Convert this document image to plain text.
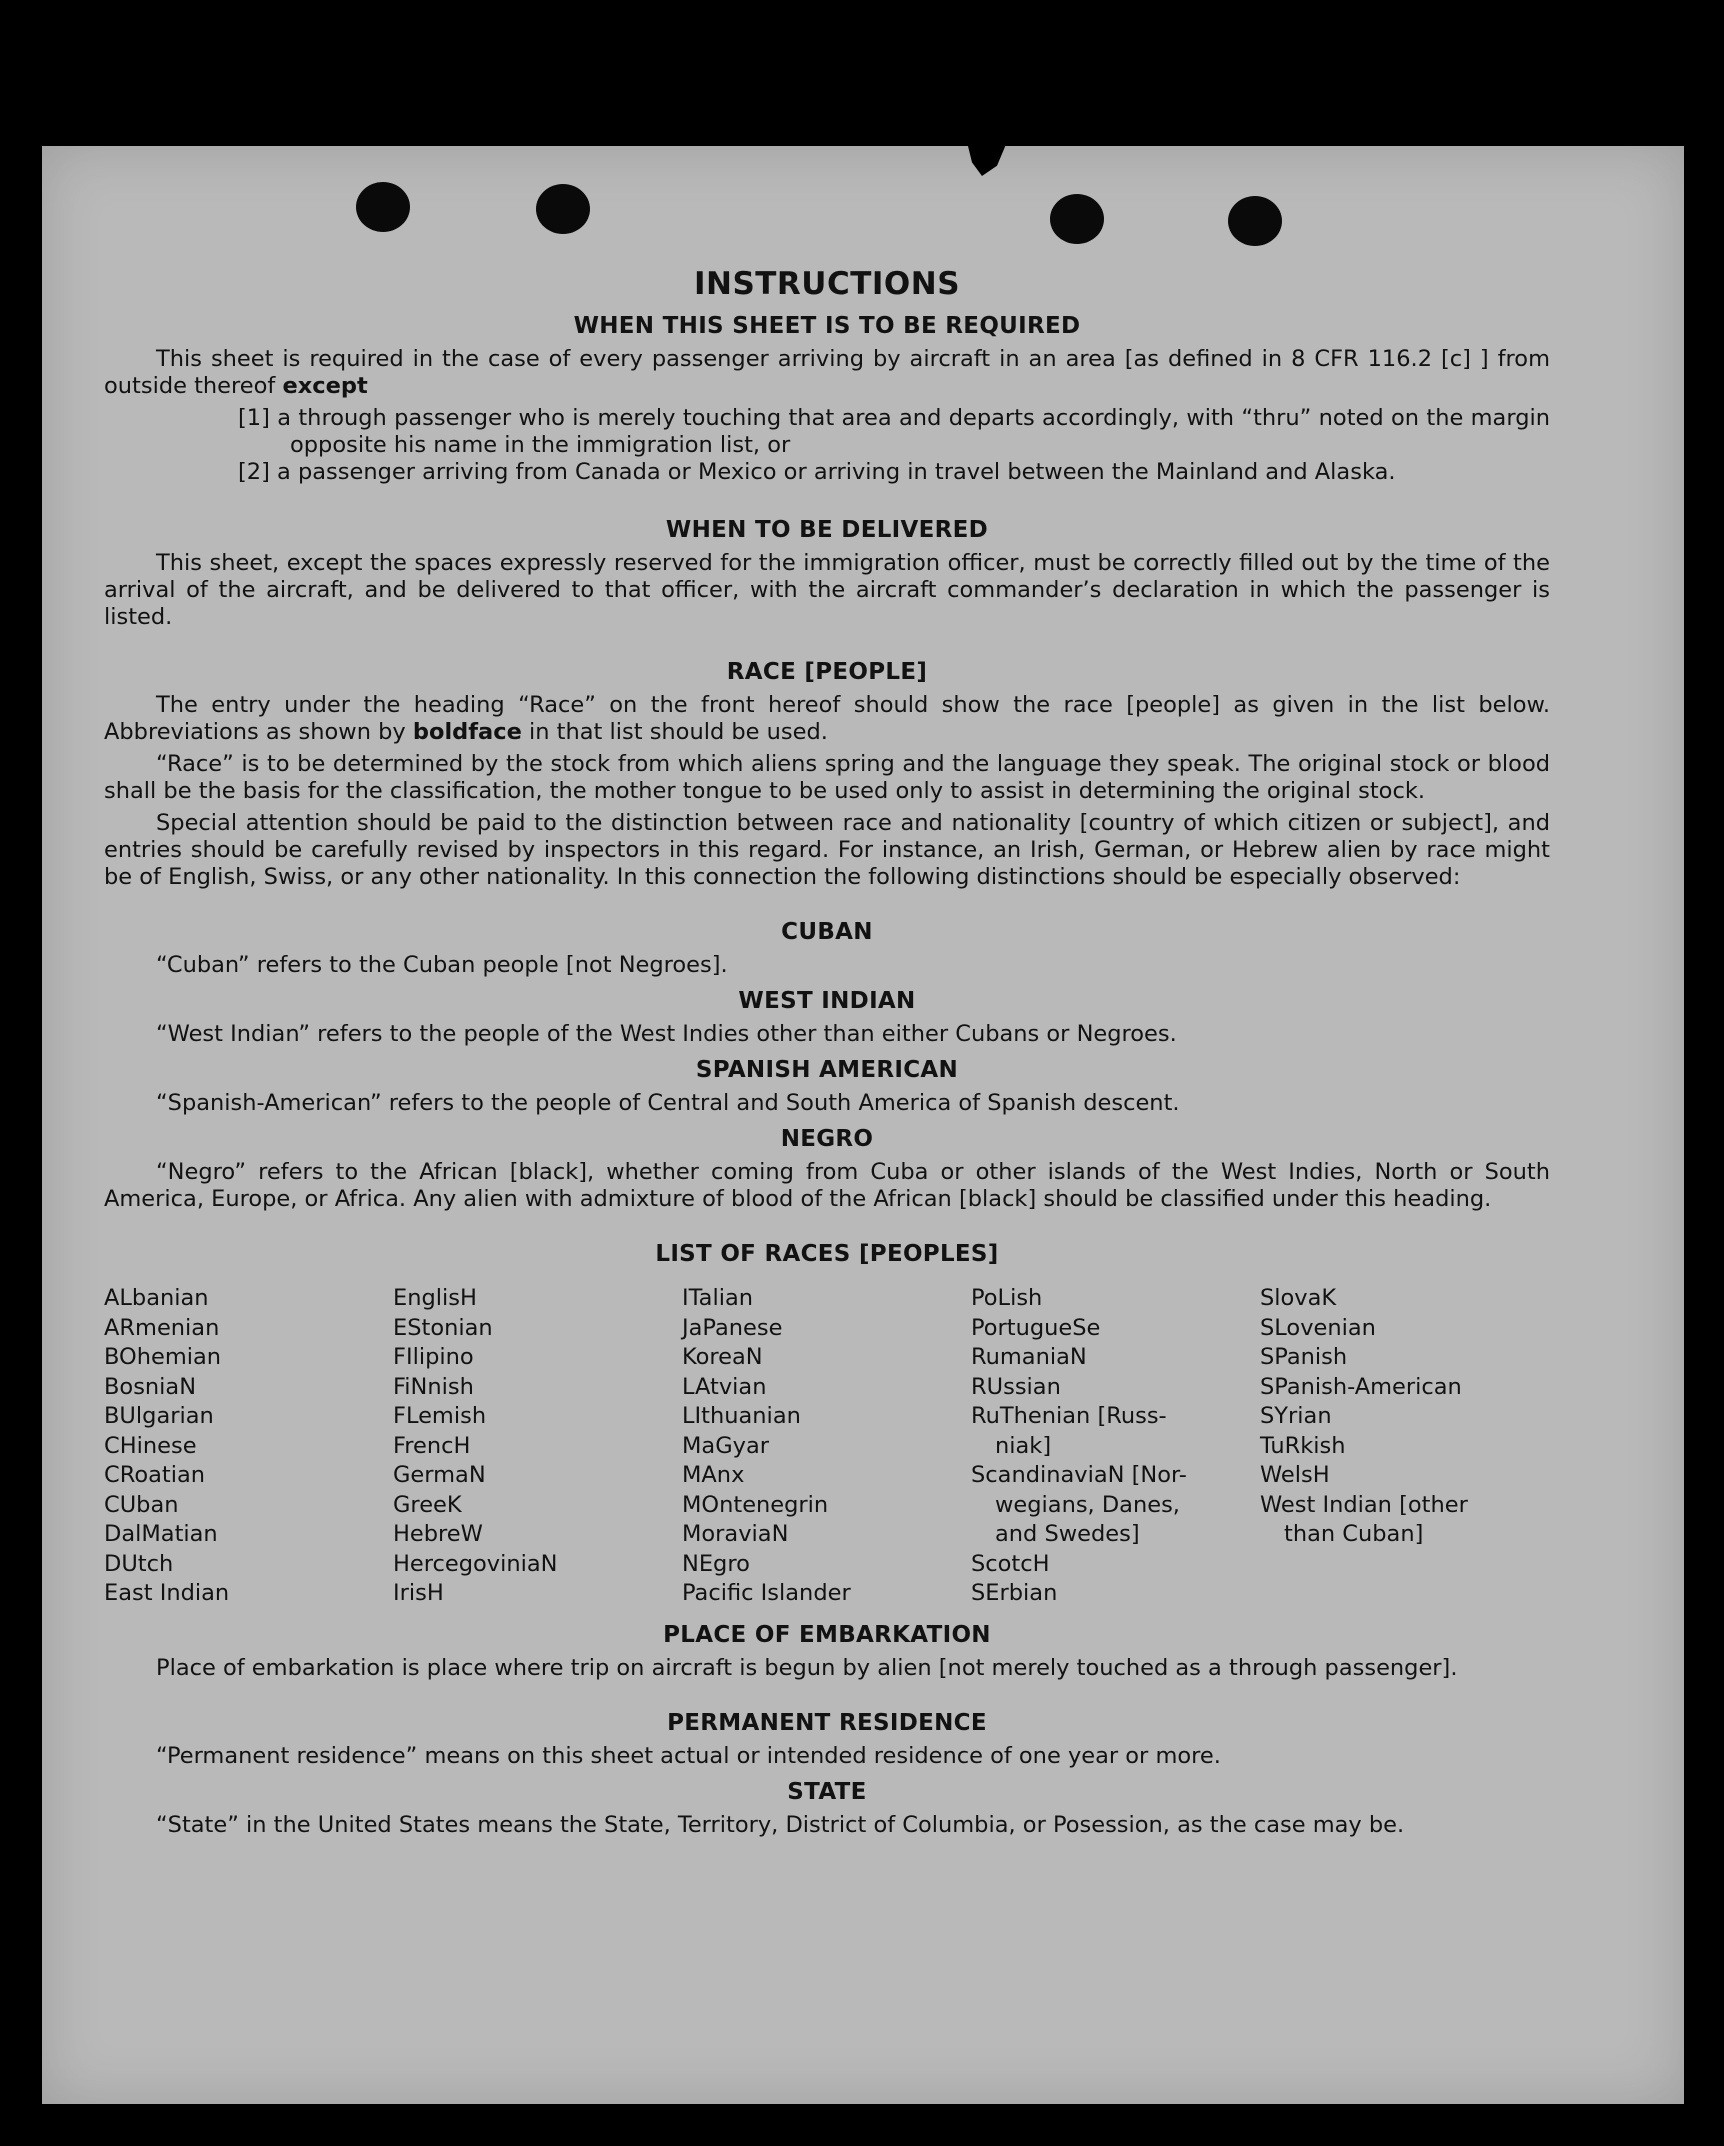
INSTRUCTIONS
WHEN THIS SHEET IS TO BE REQUIRED

This sheet is required in the case of every passenger arriving by aircraft in an area [as defined in 8 CFR 116.2 [c] ] from outside thereof except

[1] a through passenger who is merely touching that area and departs accordingly, with “thru” noted on the margin opposite his name in the immigration list, or

[2] a passenger arriving from Canada or Mexico or arriving in travel between the Mainland and Alaska.

WHEN TO BE DELIVERED

This sheet, except the spaces expressly reserved for the immigration officer, must be correctly filled out by the time of the arrival of the aircraft, and be delivered to that officer, with the aircraft commander’s declaration in which the passenger is listed.

RACE [PEOPLE]

The entry under the heading “Race” on the front hereof should show the race [people] as given in the list below. Abbreviations as shown by boldface in that list should be used.

“Race” is to be determined by the stock from which aliens spring and the language they speak. The original stock or blood shall be the basis for the classification, the mother tongue to be used only to assist in determining the original stock.

Special attention should be paid to the distinction between race and nationality [country of which citizen or subject], and entries should be carefully revised by inspectors in this regard. For instance, an Irish, German, or Hebrew alien by race might be of English, Swiss, or any other nationality. In this connection the following distinctions should be especially observed:

CUBAN

“Cuban” refers to the Cuban people [not Negroes].

WEST INDIAN

“West Indian” refers to the people of the West Indies other than either Cubans or Negroes.

SPANISH AMERICAN

“Spanish-American” refers to the people of Central and South America of Spanish descent.

NEGRO

“Negro” refers to the African [black], whether coming from Cuba or other islands of the West Indies, North or South America, Europe, or Africa. Any alien with admixture of blood of the African [black] should be classified under this heading.

LIST OF RACES [PEOPLES]
ALbanian
ARmenian
BOhemian
BosniaN
BUlgarian
CHinese
CRoatian
CUban
DalMatian
DUtch
East Indian
EnglisH
EStonian
FIlipino
FiNnish
FLemish
FrencH
GermaN
GreeK
HebreW
HercegoviniaN
IrisH
ITalian
JaPanese
KoreaN
LAtvian
LIthuanian
MaGyar
MAnx
MOntenegrin
MoraviaN
NEgro
Pacific Islander
PoLish
PortugueSe
RumaniaN
RUssian
RuThenian [Russ-
niak]
ScandinaviaN [Nor-
wegians, Danes,
and Swedes]
ScotcH
SErbian
SlovaK
SLovenian
SPanish
SPanish-American
SYrian
TuRkish
WelsH
West Indian [other
than Cuban]
PLACE OF EMBARKATION

Place of embarkation is place where trip on aircraft is begun by alien [not merely touched as a through passenger].

PERMANENT RESIDENCE

“Permanent residence” means on this sheet actual or intended residence of one year or more.

STATE

“State” in the United States means the State, Territory, District of Columbia, or Posession, as the case may be.
